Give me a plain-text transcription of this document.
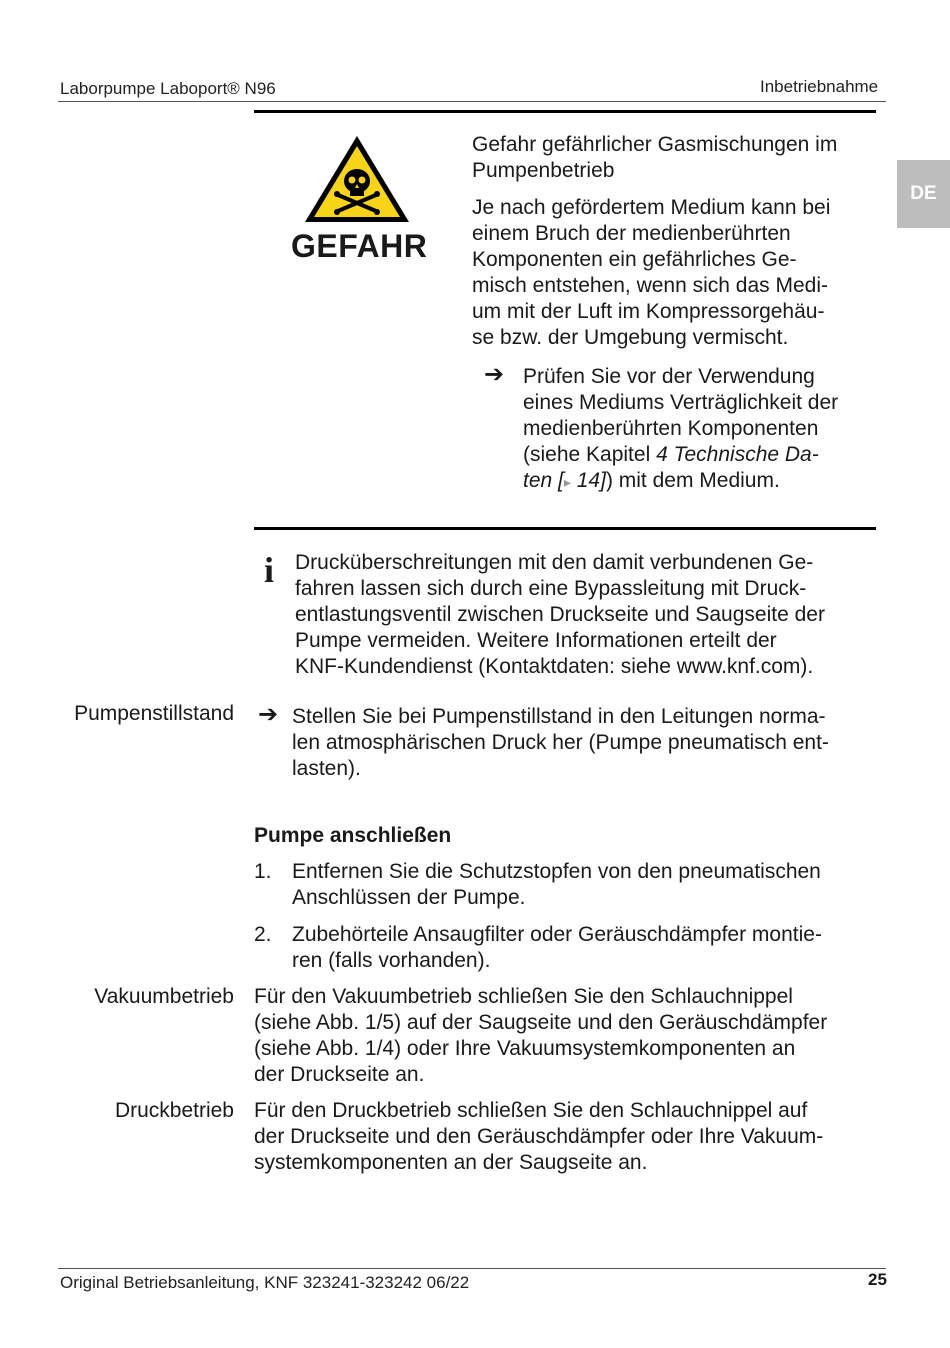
Laborpumpe Laboport® N96	Inbetriebnahme
DE
GEFAHR
Gefahr gefährlicher Gasmischungen im
Pumpenbetrieb
Je nach gefördertem Medium kann bei
einem Bruch der medienberührten
Komponenten ein gefährliches Ge-
misch entstehen, wenn sich das Medi-
um mit der Luft im Kompressorgehäu-
se bzw. der Umgebung vermischt.
➔ Prüfen Sie vor der Verwendung
eines Mediums Verträglichkeit der
medienberührten Komponenten
(siehe Kapitel 4 Technische Da-
ten [▸ 14]) mit dem Medium.
i Drucküberschreitungen mit den damit verbundenen Ge-
fahren lassen sich durch eine Bypassleitung mit Druck-
entlastungsventil zwischen Druckseite und Saugseite der
Pumpe vermeiden. Weitere Informationen erteilt der
KNF-Kundendienst (Kontaktdaten: siehe www.knf.com).
Pumpenstillstand ➔ Stellen Sie bei Pumpenstillstand in den Leitungen norma-
len atmosphärischen Druck her (Pumpe pneumatisch ent-
lasten).
Pumpe anschließen
1. Entfernen Sie die Schutzstopfen von den pneumatischen
Anschlüssen der Pumpe.
2. Zubehörteile Ansaugfilter oder Geräuschdämpfer montie-
ren (falls vorhanden).
Vakuumbetrieb Für den Vakuumbetrieb schließen Sie den Schlauchnippel
(siehe Abb. 1/5) auf der Saugseite und den Geräuschdämpfer
(siehe Abb. 1/4) oder Ihre Vakuumsystemkomponenten an
der Druckseite an.
Druckbetrieb Für den Druckbetrieb schließen Sie den Schlauchnippel auf
der Druckseite und den Geräuschdämpfer oder Ihre Vakuum-
systemkomponenten an der Saugseite an.
Original Betriebsanleitung, KNF 323241-323242 06/22	25
